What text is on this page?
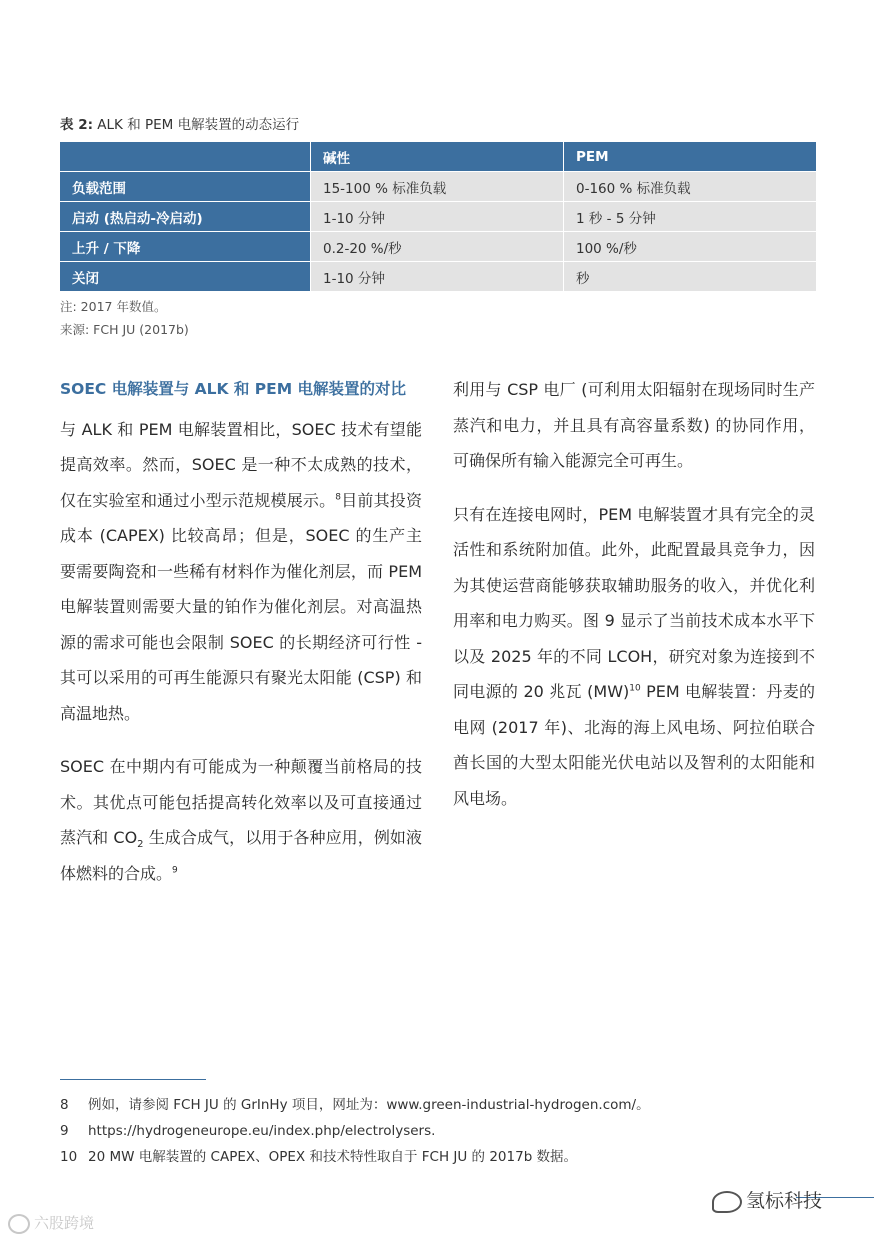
表 2: ALK 和 PEM 电解装置的动态运行
	碱性	PEM
负载范围	15-100 % 标准负载	0-160 % 标准负载
启动 (热启动-冷启动)	1-10 分钟	1 秒 - 5 分钟
上升 / 下降	0.2-20 %/秒	100 %/秒
关闭	1-10 分钟	秒
注: 2017 年数值。
来源: FCH JU (2017b)

SOEC 电解装置与 ALK 和 PEM 电解装置的对比

与 ALK 和 PEM 电解装置相比，SOEC 技术有望能提高效率。然而，SOEC 是一种不太成熟的技术，仅在实验室和通过小型示范规模展示。$^8$目前其投资成本 (CAPEX) 比较高昂；但是，SOEC 的生产主要需要陶瓷和一些稀有材料作为催化剂层，而 PEM 电解装置则需要大量的铂作为催化剂层。对高温热源的需求可能也会限制 SOEC 的长期经济可行性 - 其可以采用的可再生能源只有聚光太阳能 (CSP) 和高温地热。

SOEC 在中期内有可能成为一种颠覆当前格局的技术。其优点可能包括提高转化效率以及可直接通过蒸汽和 $CO_2$ 生成合成气，以用于各种应用，例如液体燃料的合成。$^9$

利用与 CSP 电厂 (可利用太阳辐射在现场同时生产蒸汽和电力，并且具有高容量系数) 的协同作用，可确保所有输入能源完全可再生。

只有在连接电网时，PEM 电解装置才具有完全的灵活性和系统附加值。此外，此配置最具竞争力，因为其使运营商能够获取辅助服务的收入，并优化利用率和电力购买。图 9 显示了当前技术成本水平下以及 2025 年的不同 LCOH，研究对象为连接到不同电源的 20 兆瓦 (MW)$^{10}$ PEM 电解装置：丹麦的电网 (2017 年)、北海的海上风电场、阿拉伯联合酋长国的大型太阳能光伏电站以及智利的太阳能和风电场。

8 例如，请参阅 FCH JU 的 GrInHy 项目，网址为：www.green-industrial-hydrogen.com/。
9 https://hydrogeneurope.eu/index.php/electrolysers.
10 20 MW 电解装置的 CAPEX、OPEX 和技术特性取自于 FCH JU 的 2017b 数据。
氢标科技
六股跨境
